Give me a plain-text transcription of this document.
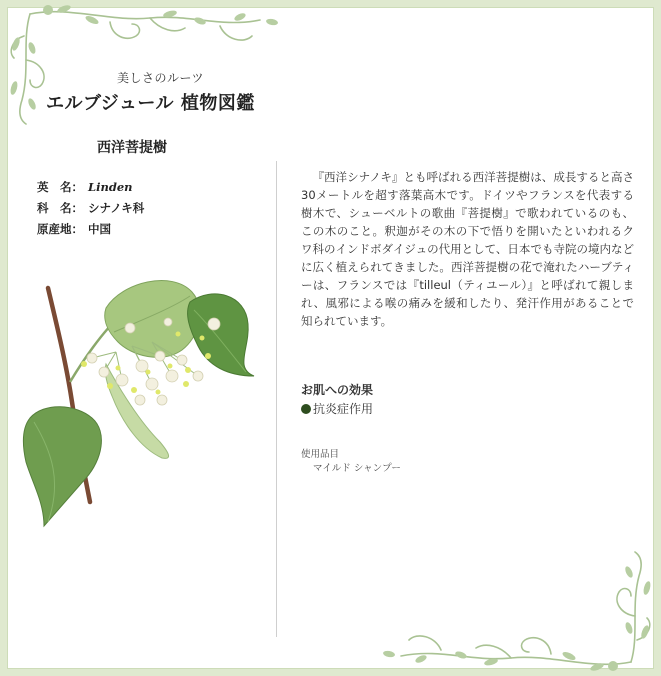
美しさのルーツ
エルブジュール 植物図鑑
西洋菩提樹
英　名： Linden
科　名： シナノキ科
原産地： 中国

『西洋シナノキ』とも呼ばれる西洋菩提樹は、成長すると高さ30メートルを超す落葉高木です。ドイツやフランスを代表する樹木で、シューベルトの歌曲『菩提樹』で歌われているのも、この木のこと。釈迦がその木の下で悟りを開いたといわれるクワ科のインドボダイジュの代用として、日本でも寺院の境内などに広く植えられてきました。西洋菩提樹の花で淹れたハーブティーは、フランスでは『tilleul（ティユール）』と呼ばれて親しまれ、風邪による喉の痛みを緩和したり、発汗作用があることで知られています。

お肌への効果
抗炎症作用
使用品目
マイルド シャンプー
